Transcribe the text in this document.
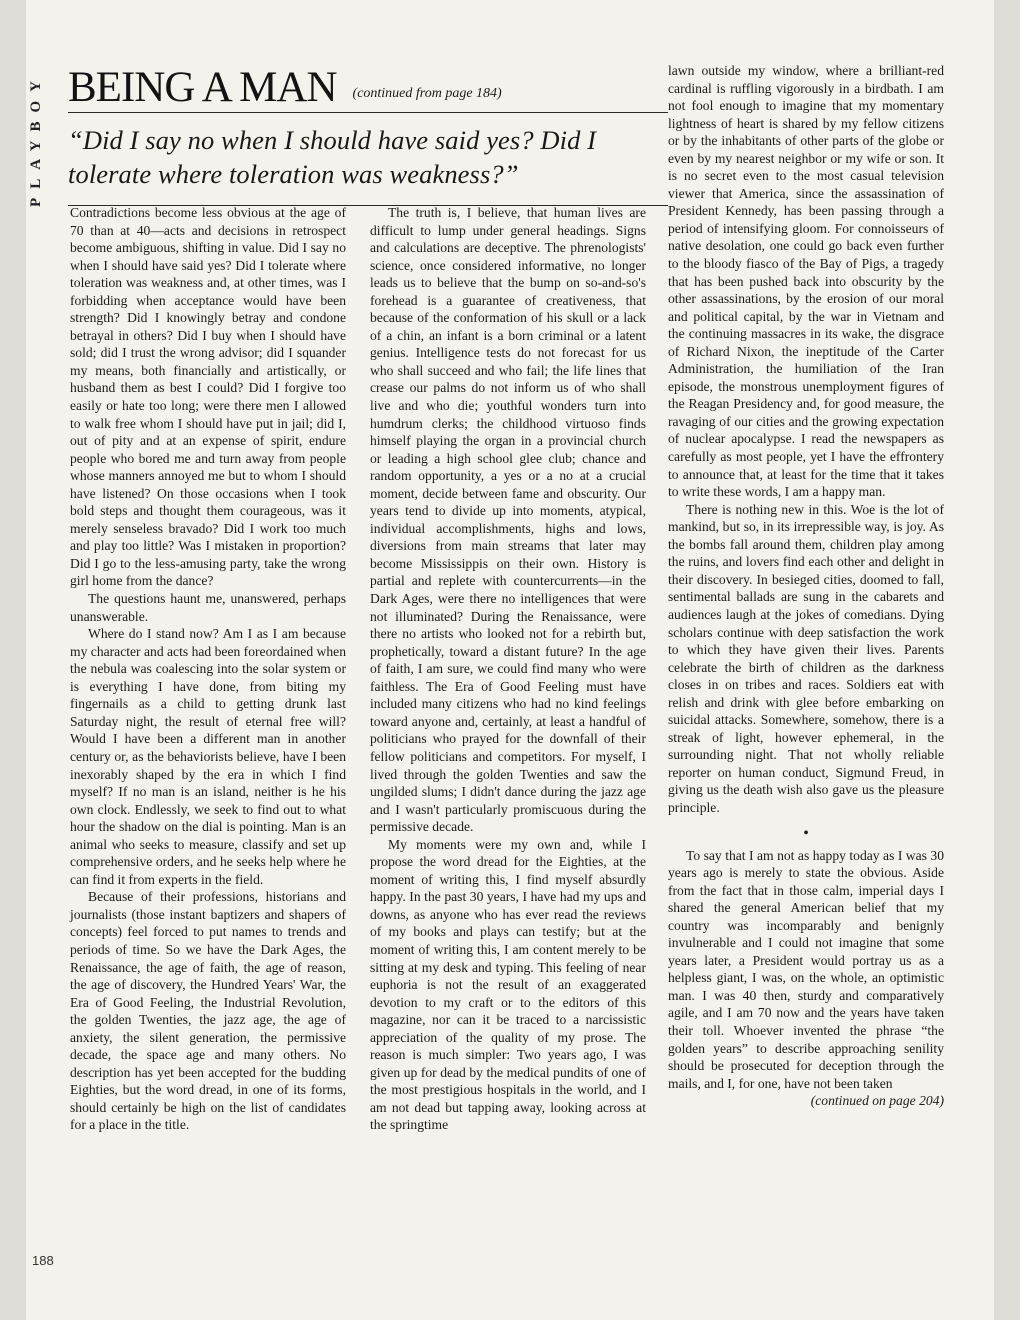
PLAYBOY
188
BEING A MAN (continued from page 184)
“Did I say no when I should have said yes? Did I tolerate where toleration was weakness?”

Contradictions become less obvious at the age of 70 than at 40—acts and decisions in retrospect become ambiguous, shifting in value. Did I say no when I should have said yes? Did I tolerate where toleration was weakness and, at other times, was I forbidding when acceptance would have been strength? Did I knowingly betray and condone betrayal in others? Did I buy when I should have sold; did I trust the wrong advisor; did I squander my means, both financially and artistically, or husband them as best I could? Did I forgive too easily or hate too long; were there men I allowed to walk free whom I should have put in jail; did I, out of pity and at an expense of spirit, endure people who bored me and turn away from people whose manners annoyed me but to whom I should have listened? On those occasions when I took bold steps and thought them courageous, was it merely senseless bravado? Did I work too much and play too little? Was I mistaken in proportion? Did I go to the less-amusing party, take the wrong girl home from the dance?

The questions haunt me, unanswered, perhaps unanswerable.

Where do I stand now? Am I as I am because my character and acts had been foreordained when the nebula was coalescing into the solar system or is everything I have done, from biting my fingernails as a child to getting drunk last Saturday night, the result of eternal free will? Would I have been a different man in another century or, as the behaviorists believe, have I been inexorably shaped by the era in which I find myself? If no man is an island, neither is he his own clock. Endlessly, we seek to find out to what hour the shadow on the dial is pointing. Man is an animal who seeks to measure, classify and set up comprehensive orders, and he seeks help where he can find it from experts in the field.

Because of their professions, historians and journalists (those instant baptizers and shapers of concepts) feel forced to put names to trends and periods of time. So we have the Dark Ages, the Renaissance, the age of faith, the age of reason, the age of discovery, the Hundred Years' War, the Era of Good Feeling, the Industrial Revolution, the golden Twenties, the jazz age, the age of anxiety, the silent generation, the permissive decade, the space age and many others. No description has yet been accepted for the budding Eighties, but the word dread, in one of its forms, should certainly be high on the list of candidates for a place in the title.

The truth is, I believe, that human lives are difficult to lump under general headings. Signs and calculations are deceptive. The phrenologists' science, once considered informative, no longer leads us to believe that the bump on so-and-so's forehead is a guarantee of creativeness, that because of the conformation of his skull or a lack of a chin, an infant is a born criminal or a latent genius. Intelligence tests do not forecast for us who shall succeed and who fail; the life lines that crease our palms do not inform us of who shall live and who die; youthful wonders turn into humdrum clerks; the childhood virtuoso finds himself playing the organ in a provincial church or leading a high school glee club; chance and random opportunity, a yes or a no at a crucial moment, decide between fame and obscurity. Our years tend to divide up into moments, atypical, individual accomplishments, highs and lows, diversions from main streams that later may become Mississippis on their own. History is partial and replete with countercurrents—in the Dark Ages, were there no intelligences that were not illuminated? During the Renaissance, were there no artists who looked not for a rebirth but, prophetically, toward a distant future? In the age of faith, I am sure, we could find many who were faithless. The Era of Good Feeling must have included many citizens who had no kind feelings toward anyone and, certainly, at least a handful of politicians who prayed for the downfall of their fellow politicians and competitors. For myself, I lived through the golden Twenties and saw the ungilded slums; I didn't dance during the jazz age and I wasn't particularly promiscuous during the permissive decade.

My moments were my own and, while I propose the word dread for the Eighties, at the moment of writing this, I find myself absurdly happy. In the past 30 years, I have had my ups and downs, as anyone who has ever read the reviews of my books and plays can testify; but at the moment of writing this, I am content merely to be sitting at my desk and typing. This feeling of near euphoria is not the result of an exaggerated devotion to my craft or to the editors of this magazine, nor can it be traced to a narcissistic appreciation of the quality of my prose. The reason is much simpler: Two years ago, I was given up for dead by the medical pundits of one of the most prestigious hospitals in the world, and I am not dead but tapping away, looking across at the springtime

lawn outside my window, where a brilliant-red cardinal is ruffling vigorously in a birdbath. I am not fool enough to imagine that my momentary lightness of heart is shared by my fellow citizens or by the inhabitants of other parts of the globe or even by my nearest neighbor or my wife or son. It is no secret even to the most casual television viewer that America, since the assassination of President Kennedy, has been passing through a period of intensifying gloom. For connoisseurs of native desolation, one could go back even further to the bloody fiasco of the Bay of Pigs, a tragedy that has been pushed back into obscurity by the other assassinations, by the erosion of our moral and political capital, by the war in Vietnam and the continuing massacres in its wake, the disgrace of Richard Nixon, the ineptitude of the Carter Administration, the humiliation of the Iran episode, the monstrous unemployment figures of the Reagan Presidency and, for good measure, the ravaging of our cities and the growing expectation of nuclear apocalypse. I read the newspapers as carefully as most people, yet I have the effrontery to announce that, at least for the time that it takes to write these words, I am a happy man.

There is nothing new in this. Woe is the lot of mankind, but so, in its irrepressible way, is joy. As the bombs fall around them, children play among the ruins, and lovers find each other and delight in their discovery. In besieged cities, doomed to fall, sentimental ballads are sung in the cabarets and audiences laugh at the jokes of comedians. Dying scholars continue with deep satisfaction the work to which they have given their lives. Parents celebrate the birth of children as the darkness closes in on tribes and races. Soldiers eat with relish and drink with glee before embarking on suicidal attacks. Somewhere, somehow, there is a streak of light, however ephemeral, in the surrounding night. That not wholly reliable reporter on human conduct, Sigmund Freud, in giving us the death wish also gave us the pleasure principle.

•

To say that I am not as happy today as I was 30 years ago is merely to state the obvious. Aside from the fact that in those calm, imperial days I shared the general American belief that my country was incomparably and benignly invulnerable and I could not imagine that some years later, a President would portray us as a helpless giant, I was, on the whole, an optimistic man. I was 40 then, sturdy and comparatively agile, and I am 70 now and the years have taken their toll. Whoever invented the phrase “the golden years” to describe approaching senility should be prosecuted for deception through the mails, and I, for one, have not been taken

(continued on page 204)
